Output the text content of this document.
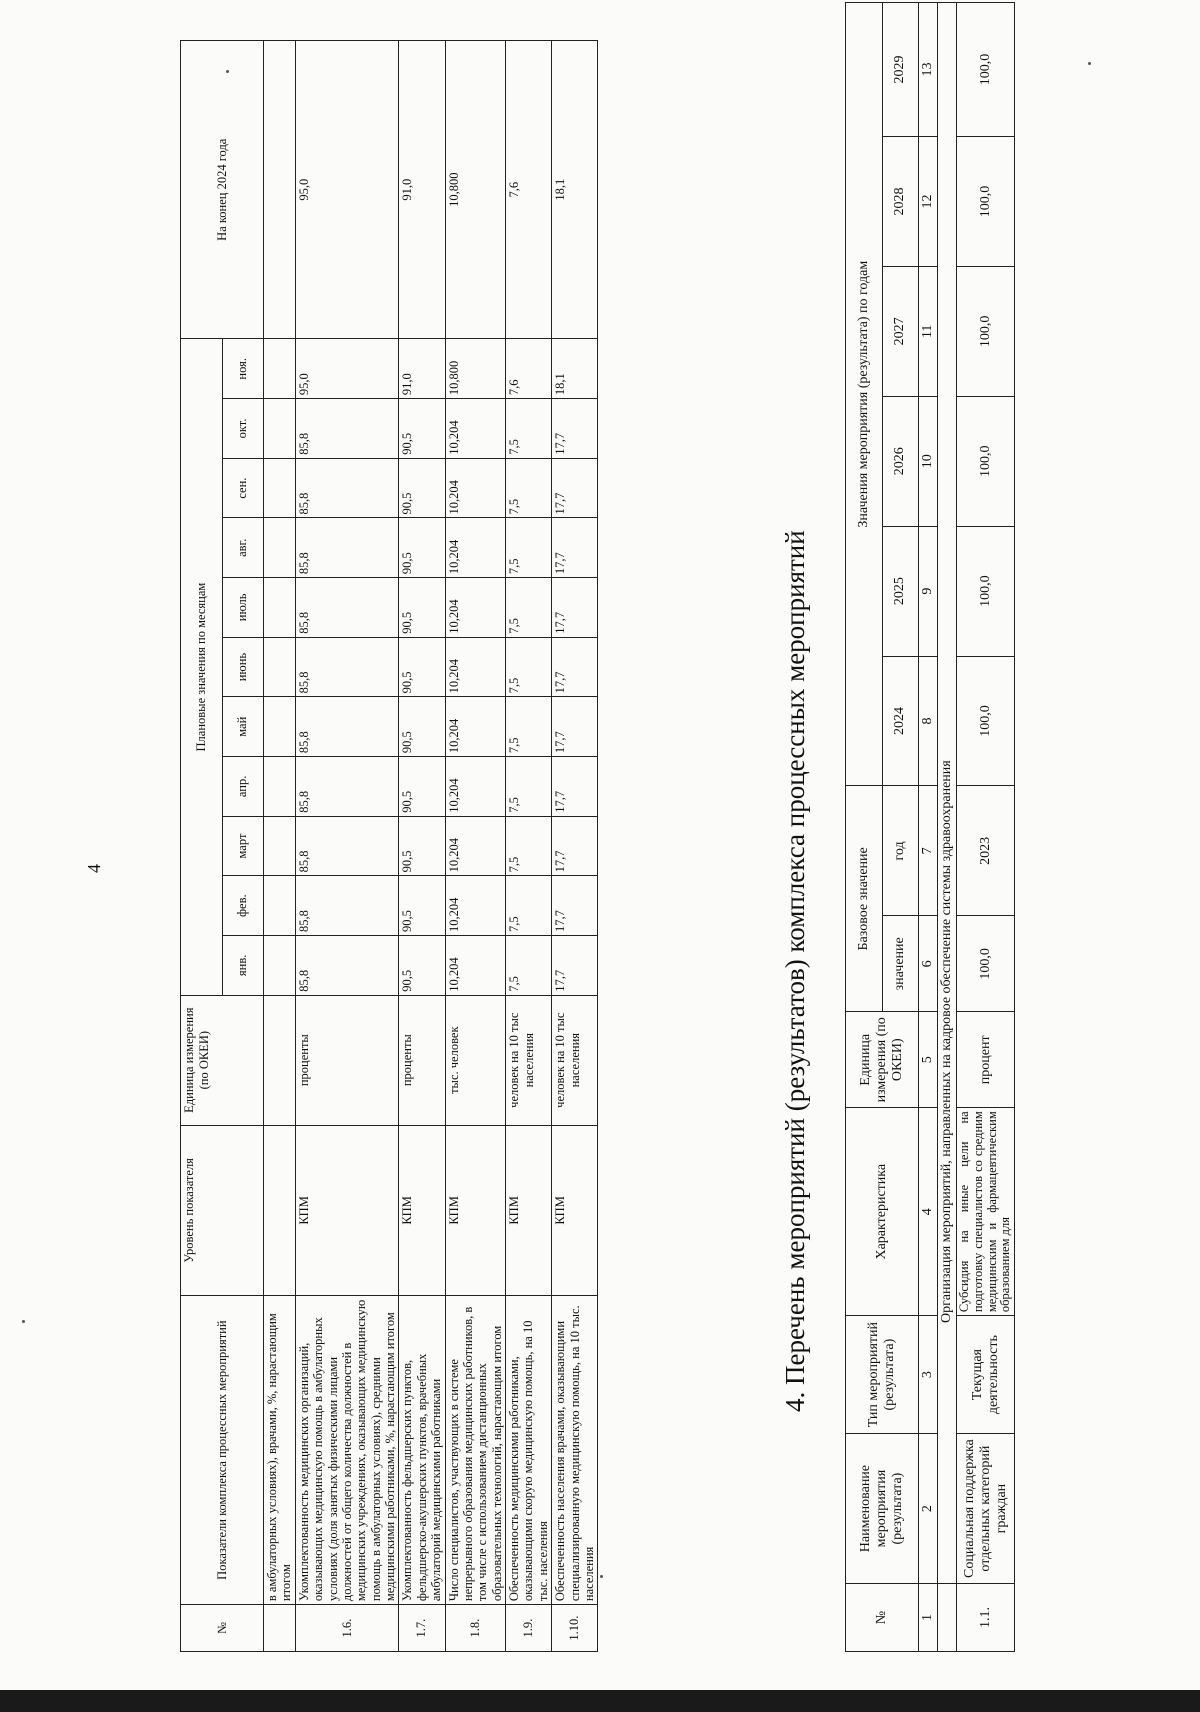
№	Показатели комплекса процессных мероприятий	Уровень показателя	Единица измерения (по ОКЕИ)	Плановые значения по месяцам											На конец 2024 года
				янв.	фев.	март	апр.	май	июнь	июль	авг.	сен.	окт.	ноя.	
	в амбулаторных условиях), врачами, %, нарастающим итогом														
1.6.	Укомплектованность медицинских организаций, оказывающих медицинскую помощь в амбулаторных условиях (доля занятых физическими лицами должностей от общего количества должностей в медицинских учреждениях, оказывающих медицинскую помощь в амбулаторных условиях), средними медицинскими работниками, %, нарастающим итогом	КПМ	проценты	85,8	85,8	85,8	85,8	85,8	85,8	85,8	85,8	85,8	85,8	95,0	95,0
1.7.	Укомплектованность фельдшерских пунктов, фельдшерско-акушерских пунктов, врачебных амбулаторий медицинскими работниками	КПМ	проценты	90,5	90,5	90,5	90,5	90,5	90,5	90,5	90,5	90,5	90,5	91,0	91,0
1.8.	Число специалистов, участвующих в системе непрерывного образования медицинских работников, в том числе с использованием дистанционных образовательных технологий, нарастающим итогом	КПМ	тыс. человек	10,204	10,204	10,204	10,204	10,204	10,204	10,204	10,204	10,204	10,204	10,800	10,800
1.9.	Обеспеченность медицинскими работниками, оказывающими скорую медицинскую помощь, на 10 тыс. населения	КПМ	человек на 10 тыс населения	7,5	7,5	7,5	7,5	7,5	7,5	7,5	7,5	7,5	7,5	7,6	7,6
1.10.	Обеспеченность населения врачами, оказывающими специализированную медицинскую помощь, на 10 тыс. населения	КПМ	человек на 10 тыс населения	17,7	17,7	17,7	17,7	17,7	17,7	17,7	17,7	17,7	17,7	18,1	18,1
4. Перечень мероприятий (результатов) комплекса процессных мероприятий
№	Наименование мероприятия (результата)	Тип мероприятий (результата)	Характеристика	Единица измерения (по ОКЕИ)	Базовое значение		Значения мероприятия (результата) по годам					
					значение	год	2024	2025	2026	2027	2028	2029
1	2	3	4	5	6	7	8	9	10	11	12	13
	Организация мероприятий, направленных на кадровое обеспечение системы здравоохранения											
1.1.	Социальная поддержка отдельных категорий граждан	Текущая деятельность	Субсидия на иные цели на подготовку специалистов со средним медицинским и фармацевтическим образованием для	процент	100,0	2023	100,0	100,0	100,0	100,0	100,0	100,0
4
